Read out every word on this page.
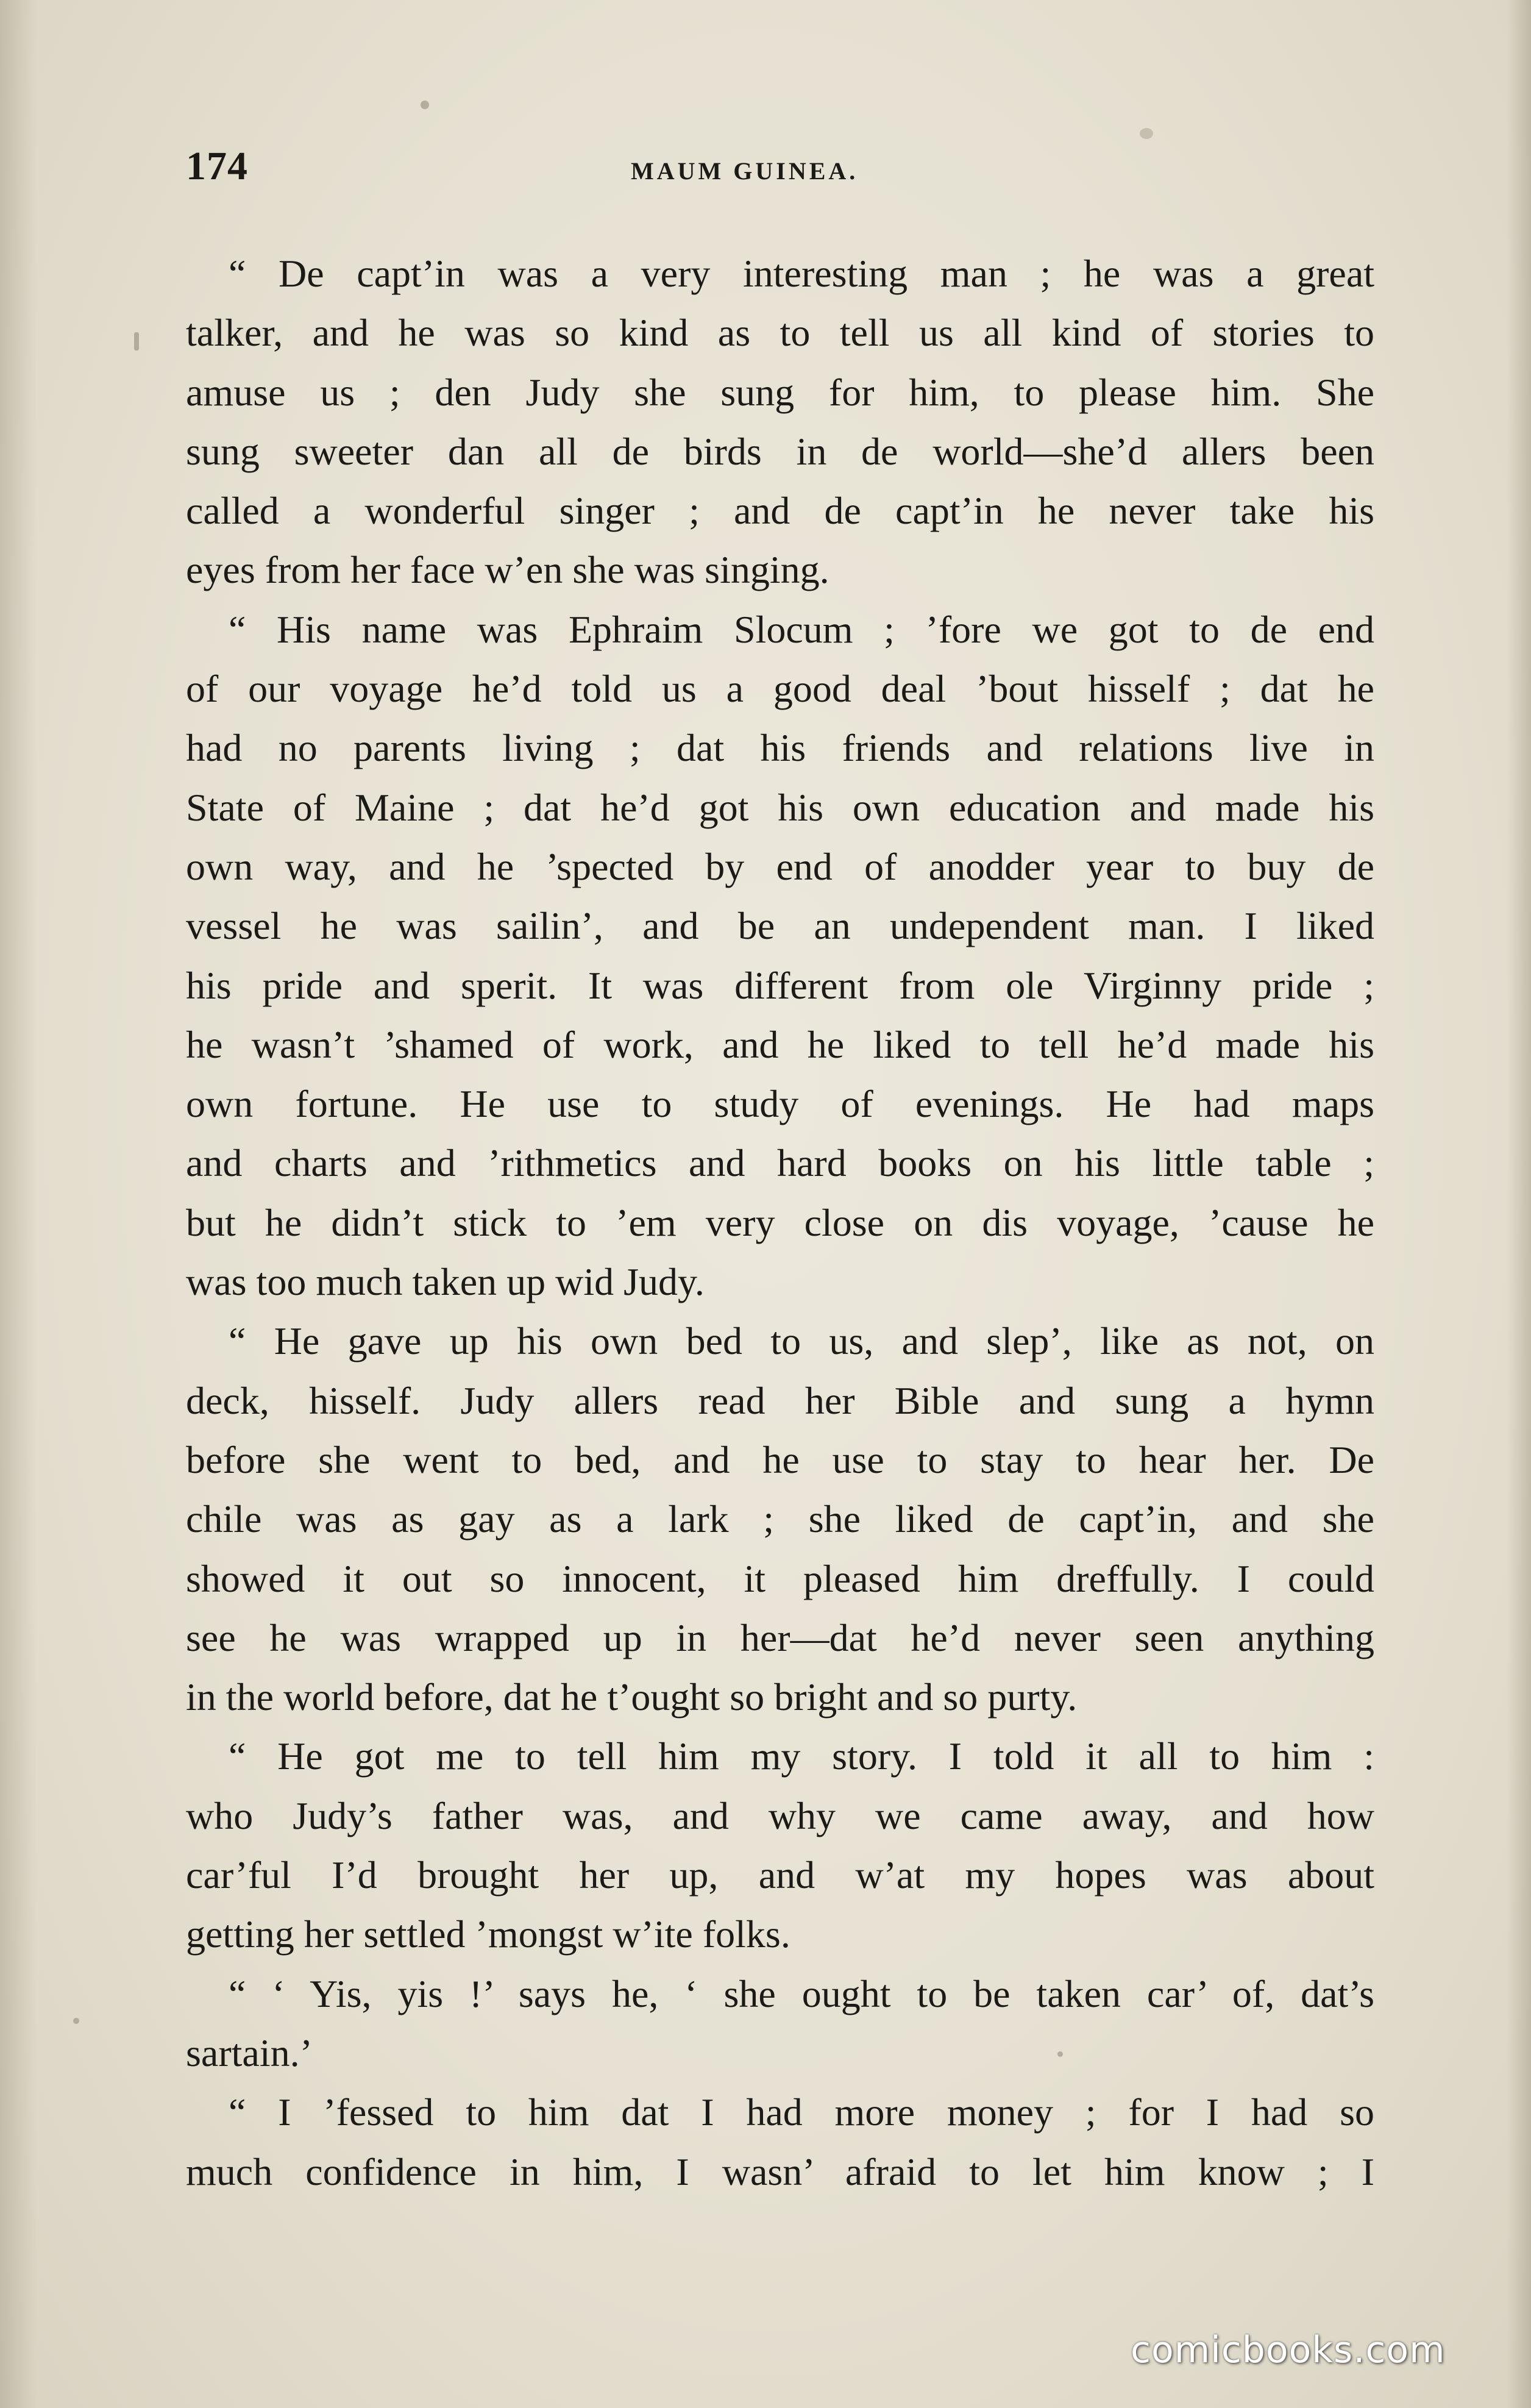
174	MAUM GUINEA.
“ De capt’in was a very interesting man ; he was a great
talker, and he was so kind as to tell us all kind of stories to
amuse us ; den Judy she sung for him, to please him. She
sung sweeter dan all de birds in de world—she’d allers been
called a wonderful singer ; and de capt’in he never take his
eyes from her face w’en she was singing.
“ His name was Ephraim Slocum ; ’fore we got to de end
of our voyage he’d told us a good deal ’bout hisself ; dat he
had no parents living ; dat his friends and relations live in
State of Maine ; dat he’d got his own education and made his
own way, and he ’spected by end of anodder year to buy de
vessel he was sailin’, and be an undependent man. I liked
his pride and sperit. It was different from ole Virginny pride ;
he wasn’t ’shamed of work, and he liked to tell he’d made his
own fortune. He use to study of evenings. He had maps
and charts and ’rithmetics and hard books on his little table ;
but he didn’t stick to ’em very close on dis voyage, ’cause he
was too much taken up wid Judy.
“ He gave up his own bed to us, and slep’, like as not, on
deck, hisself. Judy allers read her Bible and sung a hymn
before she went to bed, and he use to stay to hear her. De
chile was as gay as a lark ; she liked de capt’in, and she
showed it out so innocent, it pleased him dreffully. I could
see he was wrapped up in her—dat he’d never seen anything
in the world before, dat he t’ought so bright and so purty.
“ He got me to tell him my story. I told it all to him :
who Judy’s father was, and why we came away, and how
car’ful I’d brought her up, and w’at my hopes was about
getting her settled ’mongst w’ite folks.
“ ‘ Yis, yis !’ says he, ‘ she ought to be taken car’ of, dat’s
sartain.’
“ I ’fessed to him dat I had more money ; for I had so
much confidence in him, I wasn’ afraid to let him know ; I
comicbooks.com
